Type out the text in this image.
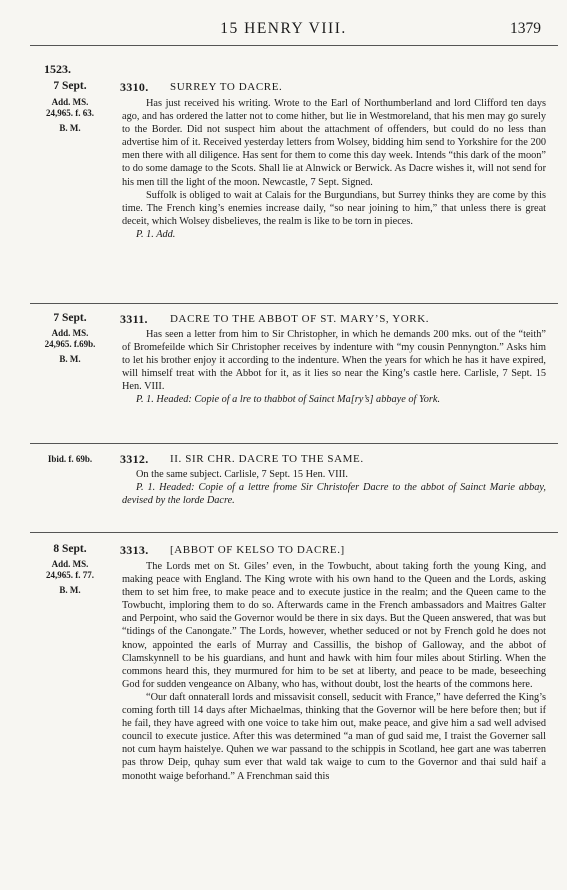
15 HENRY VIII.	1379
1523.
7 Sept.
Add. MS.
24,965. f. 63.
B. M.
3310. SURREY TO DACRE.

Has just received his writing. Wrote to the Earl of Northumberland and lord Clifford ten days ago, and has ordered the latter not to come hither, but lie in Westmoreland, that his men may go surely to the Border. Did not suspect him about the attachment of offenders, but could do no less than advertise him of it. Received yesterday letters from Wolsey, bidding him send to Yorkshire for the 200 men there with all diligence. Has sent for them to come this day week. Intends “this dark of the moon” to do some damage to the Scots. Shall lie at Alnwick or Berwick. As Dacre wishes it, will not send for his men till the light of the moon. Newcastle, 7 Sept. Signed.

Suffolk is obliged to wait at Calais for the Burgundians, but Surrey thinks they are come by this time. The French king’s enemies increase daily, “so near joining to him,” that unless there is great deceit, which Wolsey disbelieves, the realm is like to be torn in pieces.

P. 1. Add.

7 Sept.
Add. MS.
24,965. f.69b.
B. M.
3311. DACRE TO THE ABBOT OF ST. MARY’S, YORK.

Has seen a letter from him to Sir Christopher, in which he demands 200 mks. out of the “teith” of Bromefeilde which Sir Christopher receives by indenture with “my cousin Pennyngton.” Asks him to let his brother enjoy it according to the indenture. When the years for which he has it have expired, will himself treat with the Abbot for it, as it lies so near the King’s castle here. Carlisle, 7 Sept. 15 Hen. VIII.

P. 1. Headed: Copie of a lre to thabbot of Sainct Ma[ry’s] abbaye of York.

Ibid. f. 69b.	3312. II. SIR CHR. DACRE TO THE SAME.

On the same subject. Carlisle, 7 Sept. 15 Hen. VIII.

P. 1. Headed: Copie of a lettre frome Sir Christofer Dacre to the abbot of Sainct Marie abbay, devised by the lorde Dacre.

8 Sept.
Add. MS.
24,965. f. 77.
B. M.
3313. [ABBOT OF KELSO TO DACRE.]

The Lords met on St. Giles’ even, in the Towbucht, about taking forth the young King, and making peace with England. The King wrote with his own hand to the Queen and the Lords, asking them to set him free, to make peace and to execute justice in the realm; and the Queen came to the Towbucht, imploring them to do so. Afterwards came in the French ambassadors and Maitres Galter and Perpoint, who said the Governor would be there in six days. But the Queen answered, that was but “tidings of the Canongate.” The Lords, however, whether seduced or not by French gold he does not know, appointed the earls of Murray and Cassillis, the bishop of Galloway, and the abbot of Clamskynnell to be his guardians, and hunt and hawk with him four miles about Stirling. When the commons heard this, they murmured for him to be set at liberty, and peace to be made, beseeching God for sudden vengeance on Albany, who has, without doubt, lost the hearts of the commons here.

“Our daft onnaterall lords and missavisit consell, seducit with France,” have deferred the King’s coming forth till 14 days after Michaelmas, thinking that the Governor will be here before then; but if he fail, they have agreed with one voice to take him out, make peace, and give him a sad well advised council to execute justice. After this was determined “a man of gud said me, I traist the Governer sall not cum haym haistelye. Quhen we war passand to the schippis in Scotland, hee gart ane was taberren pas throw Deip, quhay sum ever that wald tak waige to cum to the Governor and thai suld haif a monotht waige beforhand.” A Frenchman said this
